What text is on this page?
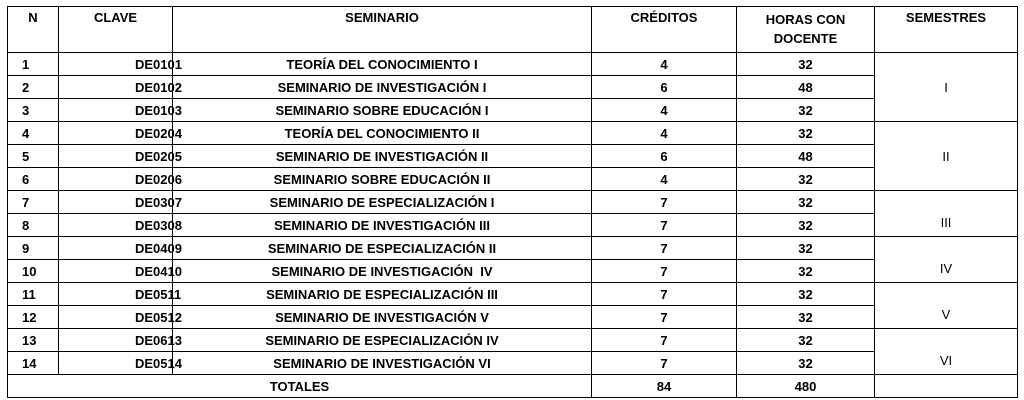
N	CLAVE	SEMINARIO	CRÉDITOS	HORAS CON DOCENTE	SEMESTRES
1	DE0101	TEORÍA DEL CONOCIMIENTO I	4	32	I
2	DE0102	SEMINARIO DE INVESTIGACIÓN I	6	48	
3	DE0103	SEMINARIO SOBRE EDUCACIÓN I	4	32	
4	DE0204	TEORÍA DEL CONOCIMIENTO II	4	32	II
5	DE0205	SEMINARIO DE INVESTIGACIÓN II	6	48	
6	DE0206	SEMINARIO SOBRE EDUCACIÓN II	4	32	
7	DE0307	SEMINARIO DE ESPECIALIZACIÓN I	7	32	III
8	DE0308	SEMINARIO DE INVESTIGACIÓN III	7	32	
9	DE0409	SEMINARIO DE ESPECIALIZACIÓN II	7	32	IV
10	DE0410	SEMINARIO DE INVESTIGACIÓN  IV	7	32	
11	DE0511	SEMINARIO DE ESPECIALIZACIÓN III	7	32	V
12	DE0512	SEMINARIO DE INVESTIGACIÓN V	7	32	
13	DE0613	SEMINARIO DE ESPECIALIZACIÓN IV	7	32	VI
14	DE0514	SEMINARIO DE INVESTIGACIÓN VI	7	32	
TOTALES			84	480	
